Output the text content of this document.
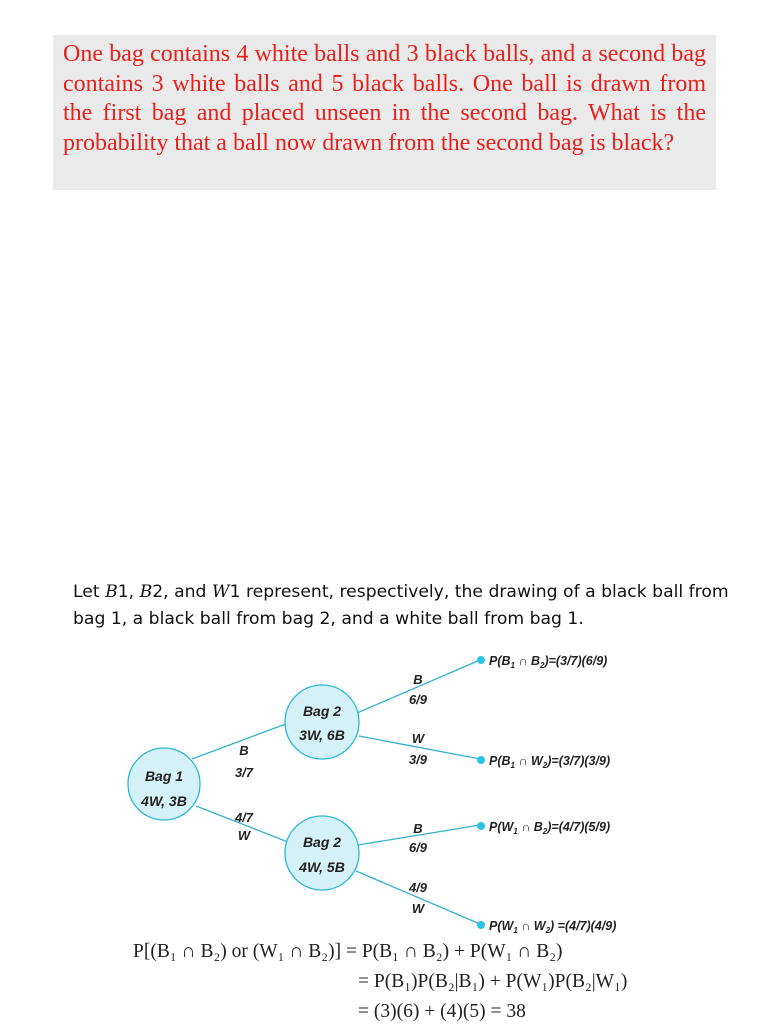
One bag contains 4 white balls and 3 black balls, and a second bag contains 3 white balls and 5 black balls. One ball is drawn from the first bag and placed unseen in the second bag. What is the probability that a ball now drawn from the second bag is black?

Let B1, B2, and W1 represent, respectively, the drawing of a black ball from bag 1, a black ball from bag 2, and a white ball from bag 1.

Bag 1
4W, 3B
Bag 2
3W, 6B
Bag 2
4W, 5B
B
3/7
4/7
W
B
6/9
W
3/9
B
6/9
4/9
W
$P(B_1$ ∩ $B_2)=(3/7)(6/9)$
$P(B_1$ ∩ $W_2)=(3/7)(3/9)$
$P(W_1$ ∩ $B_2)=(4/7)(5/9)$
$P(W_1$ ∩ $W_2) =(4/7)(4/9)$

P[(B₁ ∩ B₂) or (W₁ ∩ B₂)] = P(B₁ ∩ B₂) + P(W₁ ∩ B₂)

= P(B₁)P(B₂|B₁) + P(W₁)P(B₂|W₁)

= (3)(6) + (4)(5) = 38
